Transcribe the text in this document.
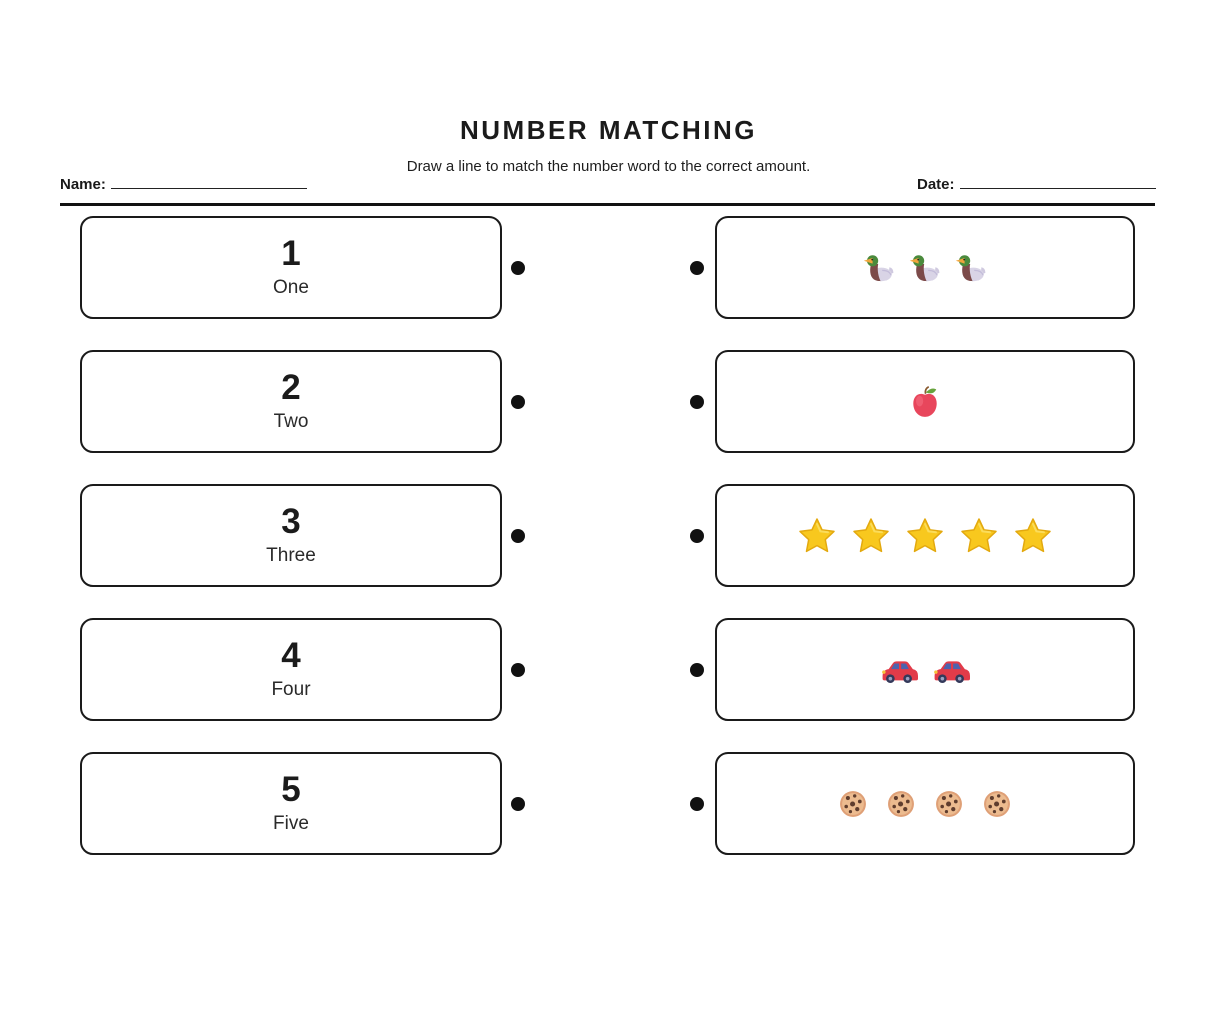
Name:	Date:
NUMBER MATCHING
Draw a line to match the number word to the correct amount.
1
One
2
Two
3
Three
4
Four
5
Five
